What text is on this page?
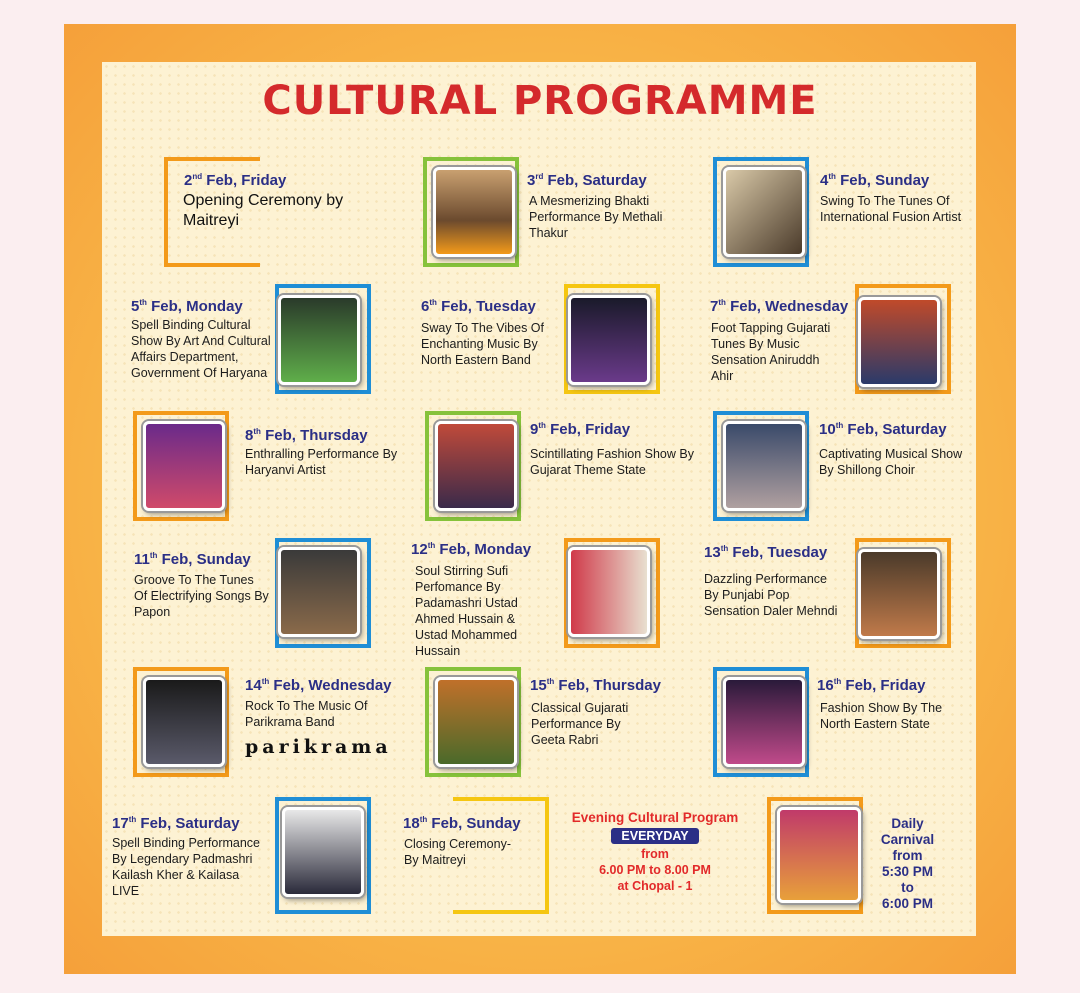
CULTURAL PROGRAMME
2nd Feb, Friday
Opening Ceremony by Maitreyi
3rd Feb, Saturday
A Mesmerizing Bhakti Performance By Methali Thakur
4th Feb, Sunday
Swing To The Tunes Of International Fusion Artist
5th Feb, Monday
Spell Binding Cultural Show By Art And Cultural Affairs Department, Government Of Haryana
6th Feb, Tuesday
Sway To The Vibes Of Enchanting Music By North Eastern Band
7th Feb, Wednesday
Foot Tapping Gujarati Tunes By Music Sensation Aniruddh Ahir
8th Feb, Thursday
Enthralling Performance By Haryanvi Artist
9th Feb, Friday
Scintillating Fashion Show By Gujarat Theme State
10th Feb, Saturday
Captivating Musical Show By Shillong Choir
11th Feb, Sunday
Groove To The Tunes Of Electrifying Songs By Papon
12th Feb, Monday
Soul Stirring Sufi Perfomance By Padamashri Ustad Ahmed Hussain & Ustad Mohammed Hussain
13th Feb, Tuesday
Dazzling Performance By Punjabi Pop Sensation Daler Mehndi
14th Feb, Wednesday
Rock To The Music Of Parikrama Band
parikrama
15th Feb, Thursday
Classical Gujarati Performance By Geeta Rabri
16th Feb, Friday
Fashion Show By The North Eastern State
17th Feb, Saturday
Spell Binding Performance By Legendary Padmashri Kailash Kher & Kailasa LIVE
18th Feb, Sunday
Closing Ceremony- By Maitreyi
Evening Cultural Program
EVERYDAY
from
6.00 PM to 8.00 PM
at Chopal - 1
Daily Carnival
from
5:30 PM
to
6:00 PM
